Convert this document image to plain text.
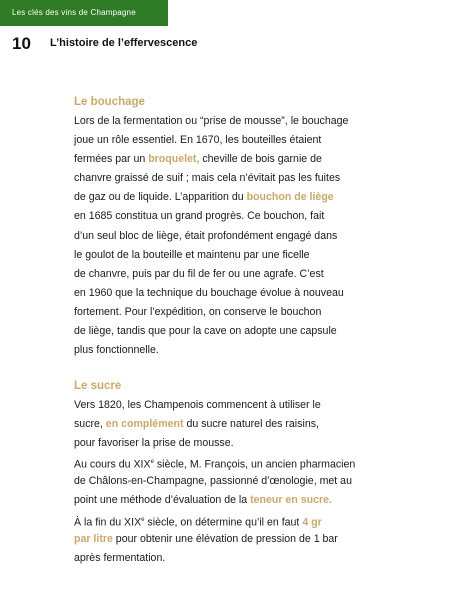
Les clés des vins de Champagne
10 L’histoire de l’effervescence
Le bouchage
Lors de la fermentation ou “prise de mousse”, le bouchage
joue un rôle essentiel. En 1670, les bouteilles étaient
fermées par un broquelet, cheville de bois garnie de
chanvre graissé de suif ; mais cela n’évitait pas les fuites
de gaz ou de liquide. L’apparition du bouchon de liège
en 1685 constitua un grand progrès. Ce bouchon, fait
d’un seul bloc de liège, était profondément engagé dans
le goulot de la bouteille et maintenu par une ficelle
de chanvre, puis par du fil de fer ou une agrafe. C’est
en 1960 que la technique du bouchage évolue à nouveau
fortement. Pour l’expédition, on conserve le bouchon
de liège, tandis que pour la cave on adopte une capsule
plus fonctionnelle.
Le sucre
Vers 1820, les Champenois commencent à utiliser le
sucre, en complément du sucre naturel des raisins,
pour favoriser la prise de mousse.
Au cours du XIXe siècle, M. François, un ancien pharmacien
de Châlons-en-Champagne, passionné d’œnologie, met au
point une méthode d’évaluation de la teneur en sucre.
À la fin du XIXe siècle, on détermine qu’il en faut 4 gr
par litre pour obtenir une élévation de pression de 1 bar
après fermentation.
